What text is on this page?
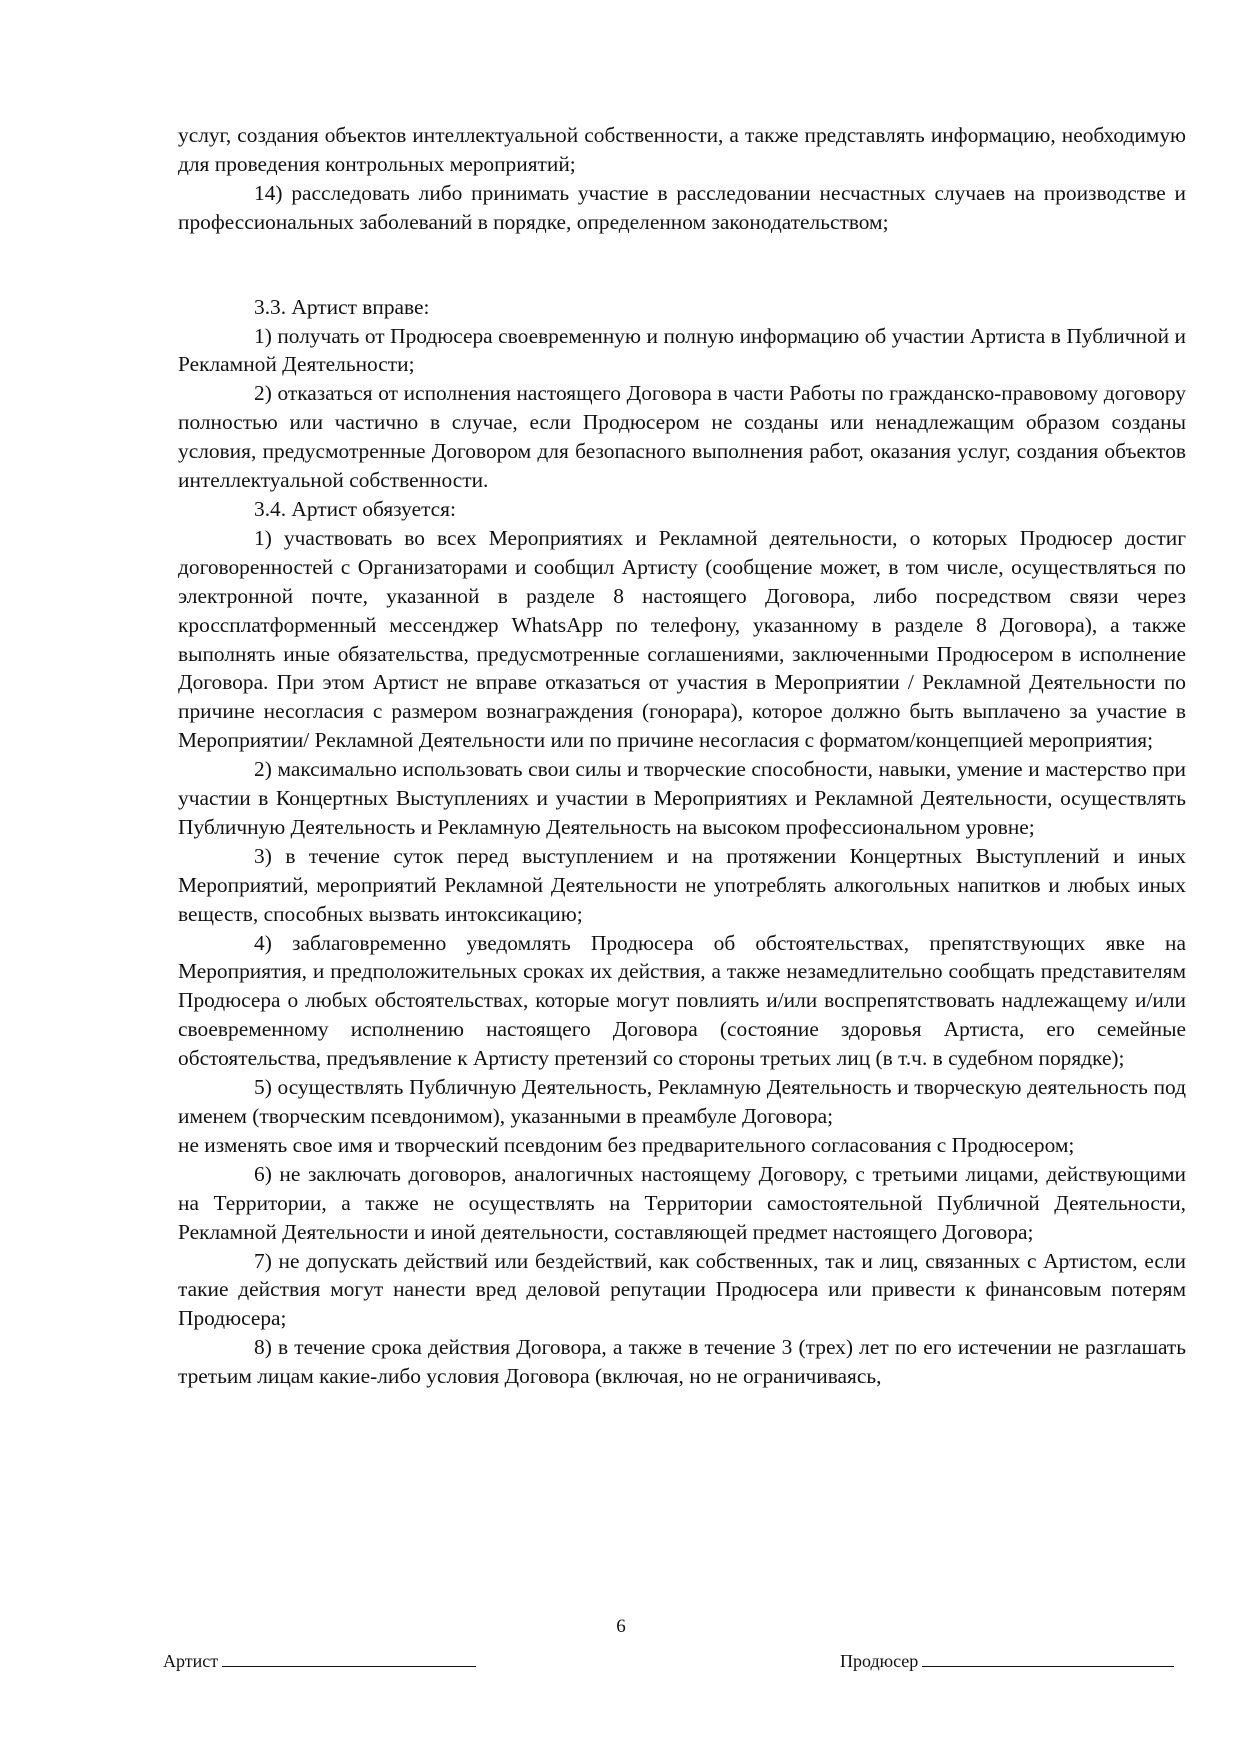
услуг, создания объектов интеллектуальной собственности, а также представлять информацию, необходимую для проведения контрольных мероприятий;

14) расследовать либо принимать участие в расследовании несчастных случаев на производстве и профессиональных заболеваний в порядке, определенном законодательством;

3.3. Артист вправе:

1) получать от Продюсера своевременную и полную информацию об участии Артиста в Публичной и Рекламной Деятельности;

2) отказаться от исполнения настоящего Договора в части Работы по гражданско-правовому договору полностью или частично в случае, если Продюсером не созданы или ненадлежащим образом созданы условия, предусмотренные Договором для безопасного выполнения работ, оказания услуг, создания объектов интеллектуальной собственности.

3.4. Артист обязуется:

1) участвовать во всех Мероприятиях и Рекламной деятельности, о которых Продюсер достиг договоренностей с Организаторами и сообщил Артисту (сообщение может, в том числе, осуществляться по электронной почте, указанной в разделе 8 настоящего Договора, либо посредством связи через кроссплатформенный мессенджер WhatsApp по телефону, указанному в разделе 8 Договора), а также выполнять иные обязательства, предусмотренные соглашениями, заключенными Продюсером в исполнение Договора. При этом Артист не вправе отказаться от участия в Мероприятии / Рекламной Деятельности по причине несогласия с размером вознаграждения (гонорара), которое должно быть выплачено за участие в Мероприятии/ Рекламной Деятельности или по причине несогласия с форматом/концепцией мероприятия;

2) максимально использовать свои силы и творческие способности, навыки, умение и мастерство при участии в Концертных Выступлениях и участии в Мероприятиях и Рекламной Деятельности, осуществлять Публичную Деятельность и Рекламную Деятельность на высоком профессиональном уровне;

3) в течение суток перед выступлением и на протяжении Концертных Выступлений и иных Мероприятий, мероприятий Рекламной Деятельности не употреблять алкогольных напитков и любых иных веществ, способных вызвать интоксикацию;

4) заблаговременно уведомлять Продюсера об обстоятельствах, препятствующих явке на Мероприятия, и предположительных сроках их действия, а также незамедлительно сообщать представителям Продюсера о любых обстоятельствах, которые могут повлиять и/или воспрепятствовать надлежащему и/или своевременному исполнению настоящего Договора (состояние здоровья Артиста, его семейные обстоятельства, предъявление к Артисту претензий со стороны третьих лиц (в т.ч. в судебном порядке);

5) осуществлять Публичную Деятельность, Рекламную Деятельность и творческую деятельность под именем (творческим псевдонимом), указанными в преамбуле Договора;

не изменять свое имя и творческий псевдоним без предварительного согласования с Продюсером;

6) не заключать договоров, аналогичных настоящему Договору, с третьими лицами, действующими на Территории, а также не осуществлять на Территории самостоятельной Публичной Деятельности, Рекламной Деятельности и иной деятельности, составляющей предмет настоящего Договора;

7) не допускать действий или бездействий, как собственных, так и лиц, связанных с Артистом, если такие действия могут нанести вред деловой репутации Продюсера или привести к финансовым потерям Продюсера;

8) в течение срока действия Договора, а также в течение 3 (трех) лет по его истечении не разглашать третьим лицам какие-либо условия Договора (включая, но не ограничиваясь,

6
Артист	Продюсер
